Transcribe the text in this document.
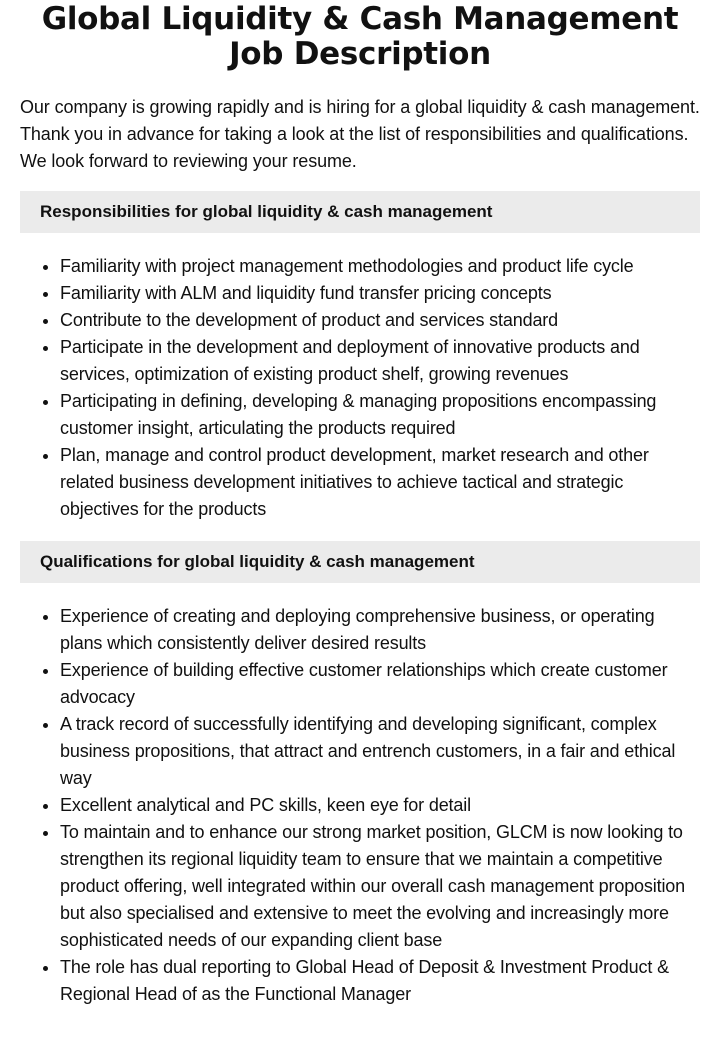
Global Liquidity & Cash Management Job Description

Our company is growing rapidly and is hiring for a global liquidity & cash management. Thank you in advance for taking a look at the list of responsibilities and qualifications. We look forward to reviewing your resume.

Responsibilities for global liquidity & cash management
• Familiarity with project management methodologies and product life cycle
• Familiarity with ALM and liquidity fund transfer pricing concepts
• Contribute to the development of product and services standard
• Participate in the development and deployment of innovative products and services, optimization of existing product shelf, growing revenues
• Participating in defining, developing & managing propositions encompassing customer insight, articulating the products required
• Plan, manage and control product development, market research and other related business development initiatives to achieve tactical and strategic objectives for the products
Qualifications for global liquidity & cash management
• Experience of creating and deploying comprehensive business, or operating plans which consistently deliver desired results
• Experience of building effective customer relationships which create customer advocacy
• A track record of successfully identifying and developing significant, complex business propositions, that attract and entrench customers, in a fair and ethical way
• Excellent analytical and PC skills, keen eye for detail
• To maintain and to enhance our strong market position, GLCM is now looking to strengthen its regional liquidity team to ensure that we maintain a competitive product offering, well integrated within our overall cash management proposition but also specialised and extensive to meet the evolving and increasingly more sophisticated needs of our expanding client base
• The role has dual reporting to Global Head of Deposit & Investment Product & Regional Head of as the Functional Manager
